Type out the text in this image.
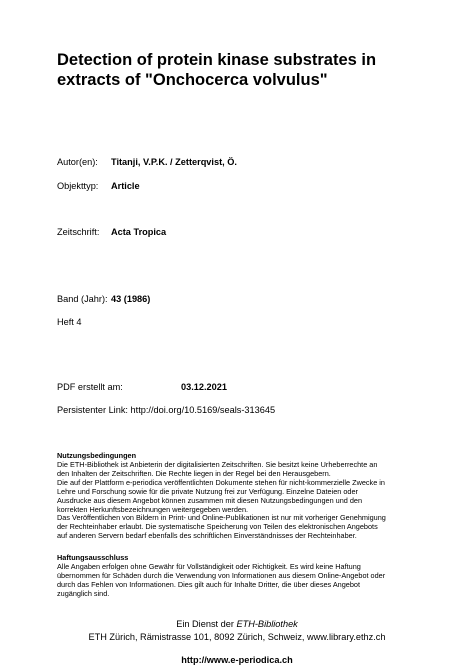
Detection of protein kinase substrates in
extracts of "Onchocerca volvulus"
Autor(en): Titanji, V.P.K. / Zetterqvist, Ö.
Objekttyp: Article
Zeitschrift: Acta Tropica
Band (Jahr): 43 (1986)
Heft 4
PDF erstellt am:	03.12.2021
Persistenter Link: http://doi.org/10.5169/seals-313645
Nutzungsbedingungen
Die ETH-Bibliothek ist Anbieterin der digitalisierten Zeitschriften. Sie besitzt keine Urheberrechte an
den Inhalten der Zeitschriften. Die Rechte liegen in der Regel bei den Herausgebern.
Die auf der Plattform e-periodica veröffentlichten Dokumente stehen für nicht-kommerzielle Zwecke in
Lehre und Forschung sowie für die private Nutzung frei zur Verfügung. Einzelne Dateien oder
Ausdrucke aus diesem Angebot können zusammen mit diesen Nutzungsbedingungen und den
korrekten Herkunftsbezeichnungen weitergegeben werden.
Das Veröffentlichen von Bildern in Print- und Online-Publikationen ist nur mit vorheriger Genehmigung
der Rechteinhaber erlaubt. Die systematische Speicherung von Teilen des elektronischen Angebots
auf anderen Servern bedarf ebenfalls des schriftlichen Einverständnisses der Rechteinhaber.
Haftungsausschluss
Alle Angaben erfolgen ohne Gewähr für Vollständigkeit oder Richtigkeit. Es wird keine Haftung
übernommen für Schäden durch die Verwendung von Informationen aus diesem Online-Angebot oder
durch das Fehlen von Informationen. Dies gilt auch für Inhalte Dritter, die über dieses Angebot
zugänglich sind.
Ein Dienst der ETH-Bibliothek
ETH Zürich, Rämistrasse 101, 8092 Zürich, Schweiz, www.library.ethz.ch
http://www.e-periodica.ch
